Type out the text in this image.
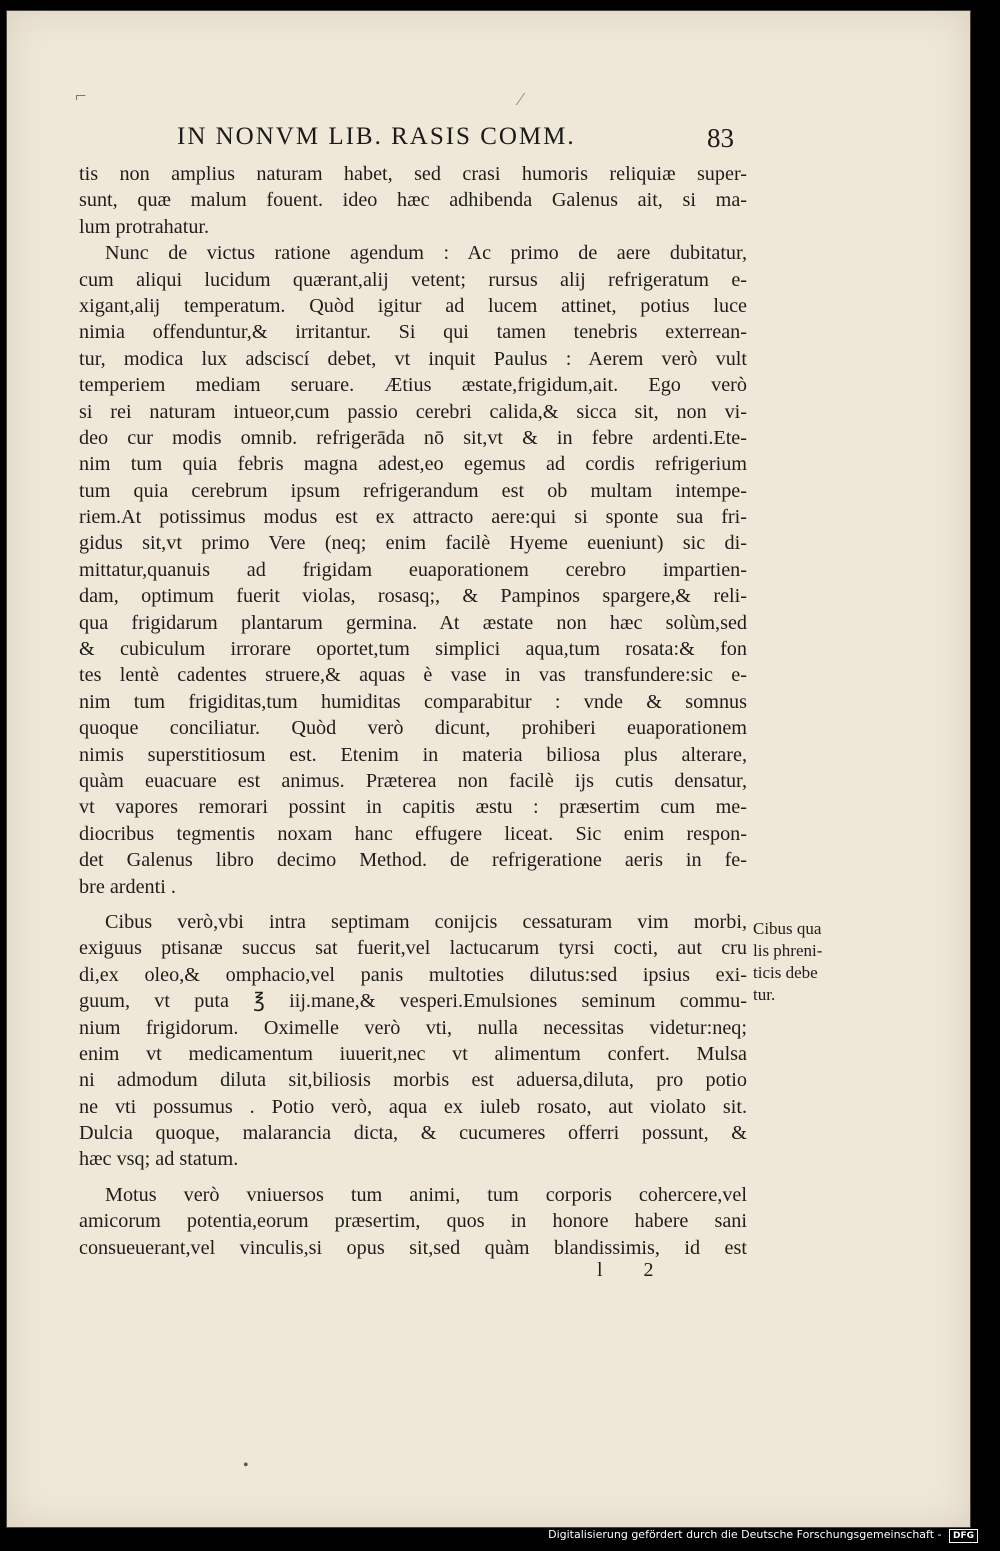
⌐	⁄
IN NONVM LIB. RASIS COMM.	83
tis non amplius naturam habet, sed crasi humoris reliquiæ super-
sunt, quæ malum fouent. ideo hæc adhibenda Galenus ait, si ma-
lum protrahatur.
Nunc de victus ratione agendum : Ac primo de aere dubitatur,
cum aliqui lucidum quærant,alij vetent; rursus alij refrigeratum e-
xigant,alij temperatum. Quòd igitur ad lucem attinet, potius luce
nimia offenduntur,& irritantur. Si qui tamen tenebris exterrean-
tur, modica lux adsciscí debet, vt inquit Paulus : Aerem verò vult
temperiem mediam seruare. Ætius æstate,frigidum,ait. Ego verò
si rei naturam intueor,cum passio cerebri calida,& sicca sit, non vi-
deo cur modis omnib. refrigerāda nō sit,vt & in febre ardenti.Ete-
nim tum quia febris magna adest,eo egemus ad cordis refrigerium
tum quia cerebrum ipsum refrigerandum est ob multam intempe-
riem.At potissimus modus est ex attracto aere:qui si sponte sua fri-
gidus sit,vt primo Vere (neq; enim facilè Hyeme eueniunt) sic di-
mittatur,quanuis ad frigidam euaporationem cerebro impartien-
dam, optimum fuerit violas, rosasq;, & Pampinos spargere,& reli-
qua frigidarum plantarum germina. At æstate non hæc solùm,sed
& cubiculum irrorare oportet,tum simplici aqua,tum rosata:& fon
tes lentè cadentes struere,& aquas è vase in vas transfundere:sic e-
nim tum frigiditas,tum humiditas comparabitur : vnde & somnus
quoque conciliatur. Quòd verò dicunt, prohiberi euaporationem
nimis superstitiosum est. Etenim in materia biliosa plus alterare,
quàm euacuare est animus. Præterea non facilè ijs cutis densatur,
vt vapores remorari possint in capitis æstu : præsertim cum me-
diocribus tegmentis noxam hanc effugere liceat. Sic enim respon-
det Galenus libro decimo Method. de refrigeratione aeris in fe-
bre ardenti .
Cibus verò,vbi intra septimam conijcis cessaturam vim morbi,
exiguus ptisanæ succus sat fuerit,vel lactucarum tyrsi cocti, aut cru
di,ex oleo,& omphacio,vel panis multoties dilutus:sed ipsius exi-
guum, vt puta ℥ iij.mane,& vesperi.Emulsiones seminum commu-
nium frigidorum. Oximelle verò vti, nulla necessitas videtur:neq;
enim vt medicamentum iuuerit,nec vt alimentum confert. Mulsa
ni admodum diluta sit,biliosis morbis est aduersa,diluta, pro potio
ne vti possumus . Potio verò, aqua ex iuleb rosato, aut violato sit.
Dulcia quoque, malarancia dicta, & cucumeres offerri possunt, &
hæc vsq; ad statum.
Motus verò vniuersos tum animi, tum corporis cohercere,vel
amicorum potentia,eorum præsertim, quos in honore habere sani
consueuerant,vel vinculis,si opus sit,sed quàm blandissimis, id est
Cibus qua
lis phreni-
ticis debe
tur.
l 2
•
Digitalisierung gefördert durch die Deutsche Forschungsgemeinschaft - DFG
